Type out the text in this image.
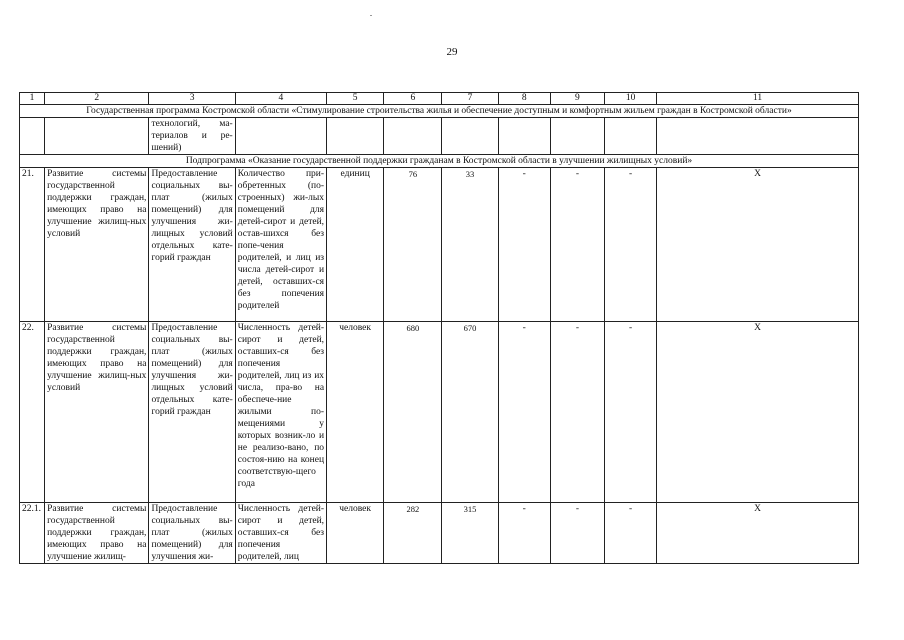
29
1	2	3	4	5	6	7	8	9	10	11
Государственная программа Костромской области «Стимулирование строительства жилья и обеспечение доступным и комфортным жильем граждан в Костромской области»										
		технологий, ма-териалов и ре-шений)								
Подпрограмма «Оказание государственной поддержки гражданам в Костромской области в улучшении жилищных условий»										
21.	Развитие системы государственной поддержки граждан, имеющих право на улучшение жилищ-ных условий	Предоставление социальных вы-плат (жилых помещений) для улучшения жи-лищных условий отдельных кате-горий граждан	Количество при-обретенных (по-строенных) жи-лых помещений для детей-сирот и детей, остав-шихся без попе-чения родителей, и лиц из числа детей-сирот и детей, оставших-ся без попечения родителей	единиц	76	33	-	-	-	Х
22.	Развитие системы государственной поддержки граждан, имеющих право на улучшение жилищ-ных условий	Предоставление социальных вы-плат (жилых помещений) для улучшения жи-лищных условий отдельных кате-горий граждан	Численность детей-сирот и детей, оставших-ся без попечения родителей, лиц из их числа, пра-во на обеспече-ние жилыми по-мещениями у которых возник-ло и не реализо-вано, по состоя-нию на конец соответствую-щего года	человек	680	670	-	-	-	Х
22.1.	Развитие системы государственной поддержки граждан, имеющих право на улучшение жилищ-	Предоставление социальных вы-плат (жилых помещений) для улучшения жи-	Численность детей-сирот и детей, оставших-ся без попечения родителей, лиц	человек	282	315	-	-	-	Х
